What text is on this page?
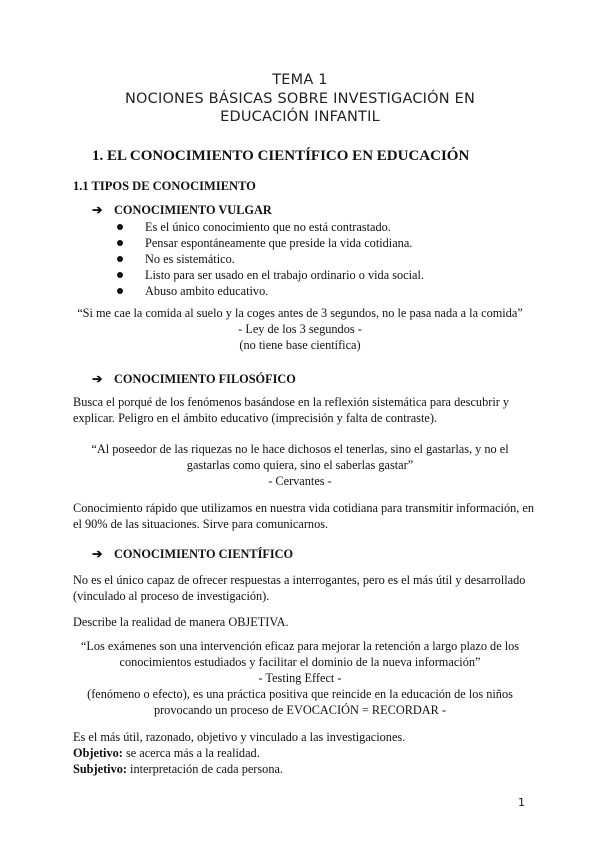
TEMA 1
NOCIONES BÁSICAS SOBRE INVESTIGACIÓN EN
EDUCACIÓN INFANTIL
1. EL CONOCIMIENTO CIENTÍFICO EN EDUCACIÓN
1.1 TIPOS DE CONOCIMIENTO
➔ CONOCIMIENTO VULGAR
Es el único conocimiento que no está contrastado.
Pensar espontáneamente que preside la vida cotidiana.
No es sistemático.
Listo para ser usado en el trabajo ordinario o vida social.
Abuso ambito educativo.
“Si me cae la comida al suelo y la coges antes de 3 segundos, no le pasa nada a la comida”
- Ley de los 3 segundos -
(no tiene base científica)
➔ CONOCIMIENTO FILOSÓFICO
Busca el porqué de los fenómenos basándose en la reflexión sistemática para descubrir y
explicar. Peligro en el ámbito educativo (imprecisión y falta de contraste).
“Al poseedor de las riquezas no le hace dichosos el tenerlas, sino el gastarlas, y no el
gastarlas como quiera, sino el saberlas gastar”
- Cervantes -
Conocimiento rápido que utilizamos en nuestra vida cotidiana para transmitir información, en
el 90% de las situaciones. Sirve para comunicarnos.
➔ CONOCIMIENTO CIENTÍFICO
No es el único capaz de ofrecer respuestas a interrogantes, pero es el más útil y desarrollado
(vinculado al proceso de investigación).
Describe la realidad de manera OBJETIVA.
“Los exámenes son una intervención eficaz para mejorar la retención a largo plazo de los
conocimientos estudiados y facilitar el dominio de la nueva información”
- Testing Effect -
(fenómeno o efecto), es una práctica positiva que reincide en la educación de los niños
provocando un proceso de EVOCACIÓN = RECORDAR -
Es el más útil, razonado, objetivo y vinculado a las investigaciones.
Objetivo: se acerca más a la realidad.
Subjetivo: interpretación de cada persona.
1
